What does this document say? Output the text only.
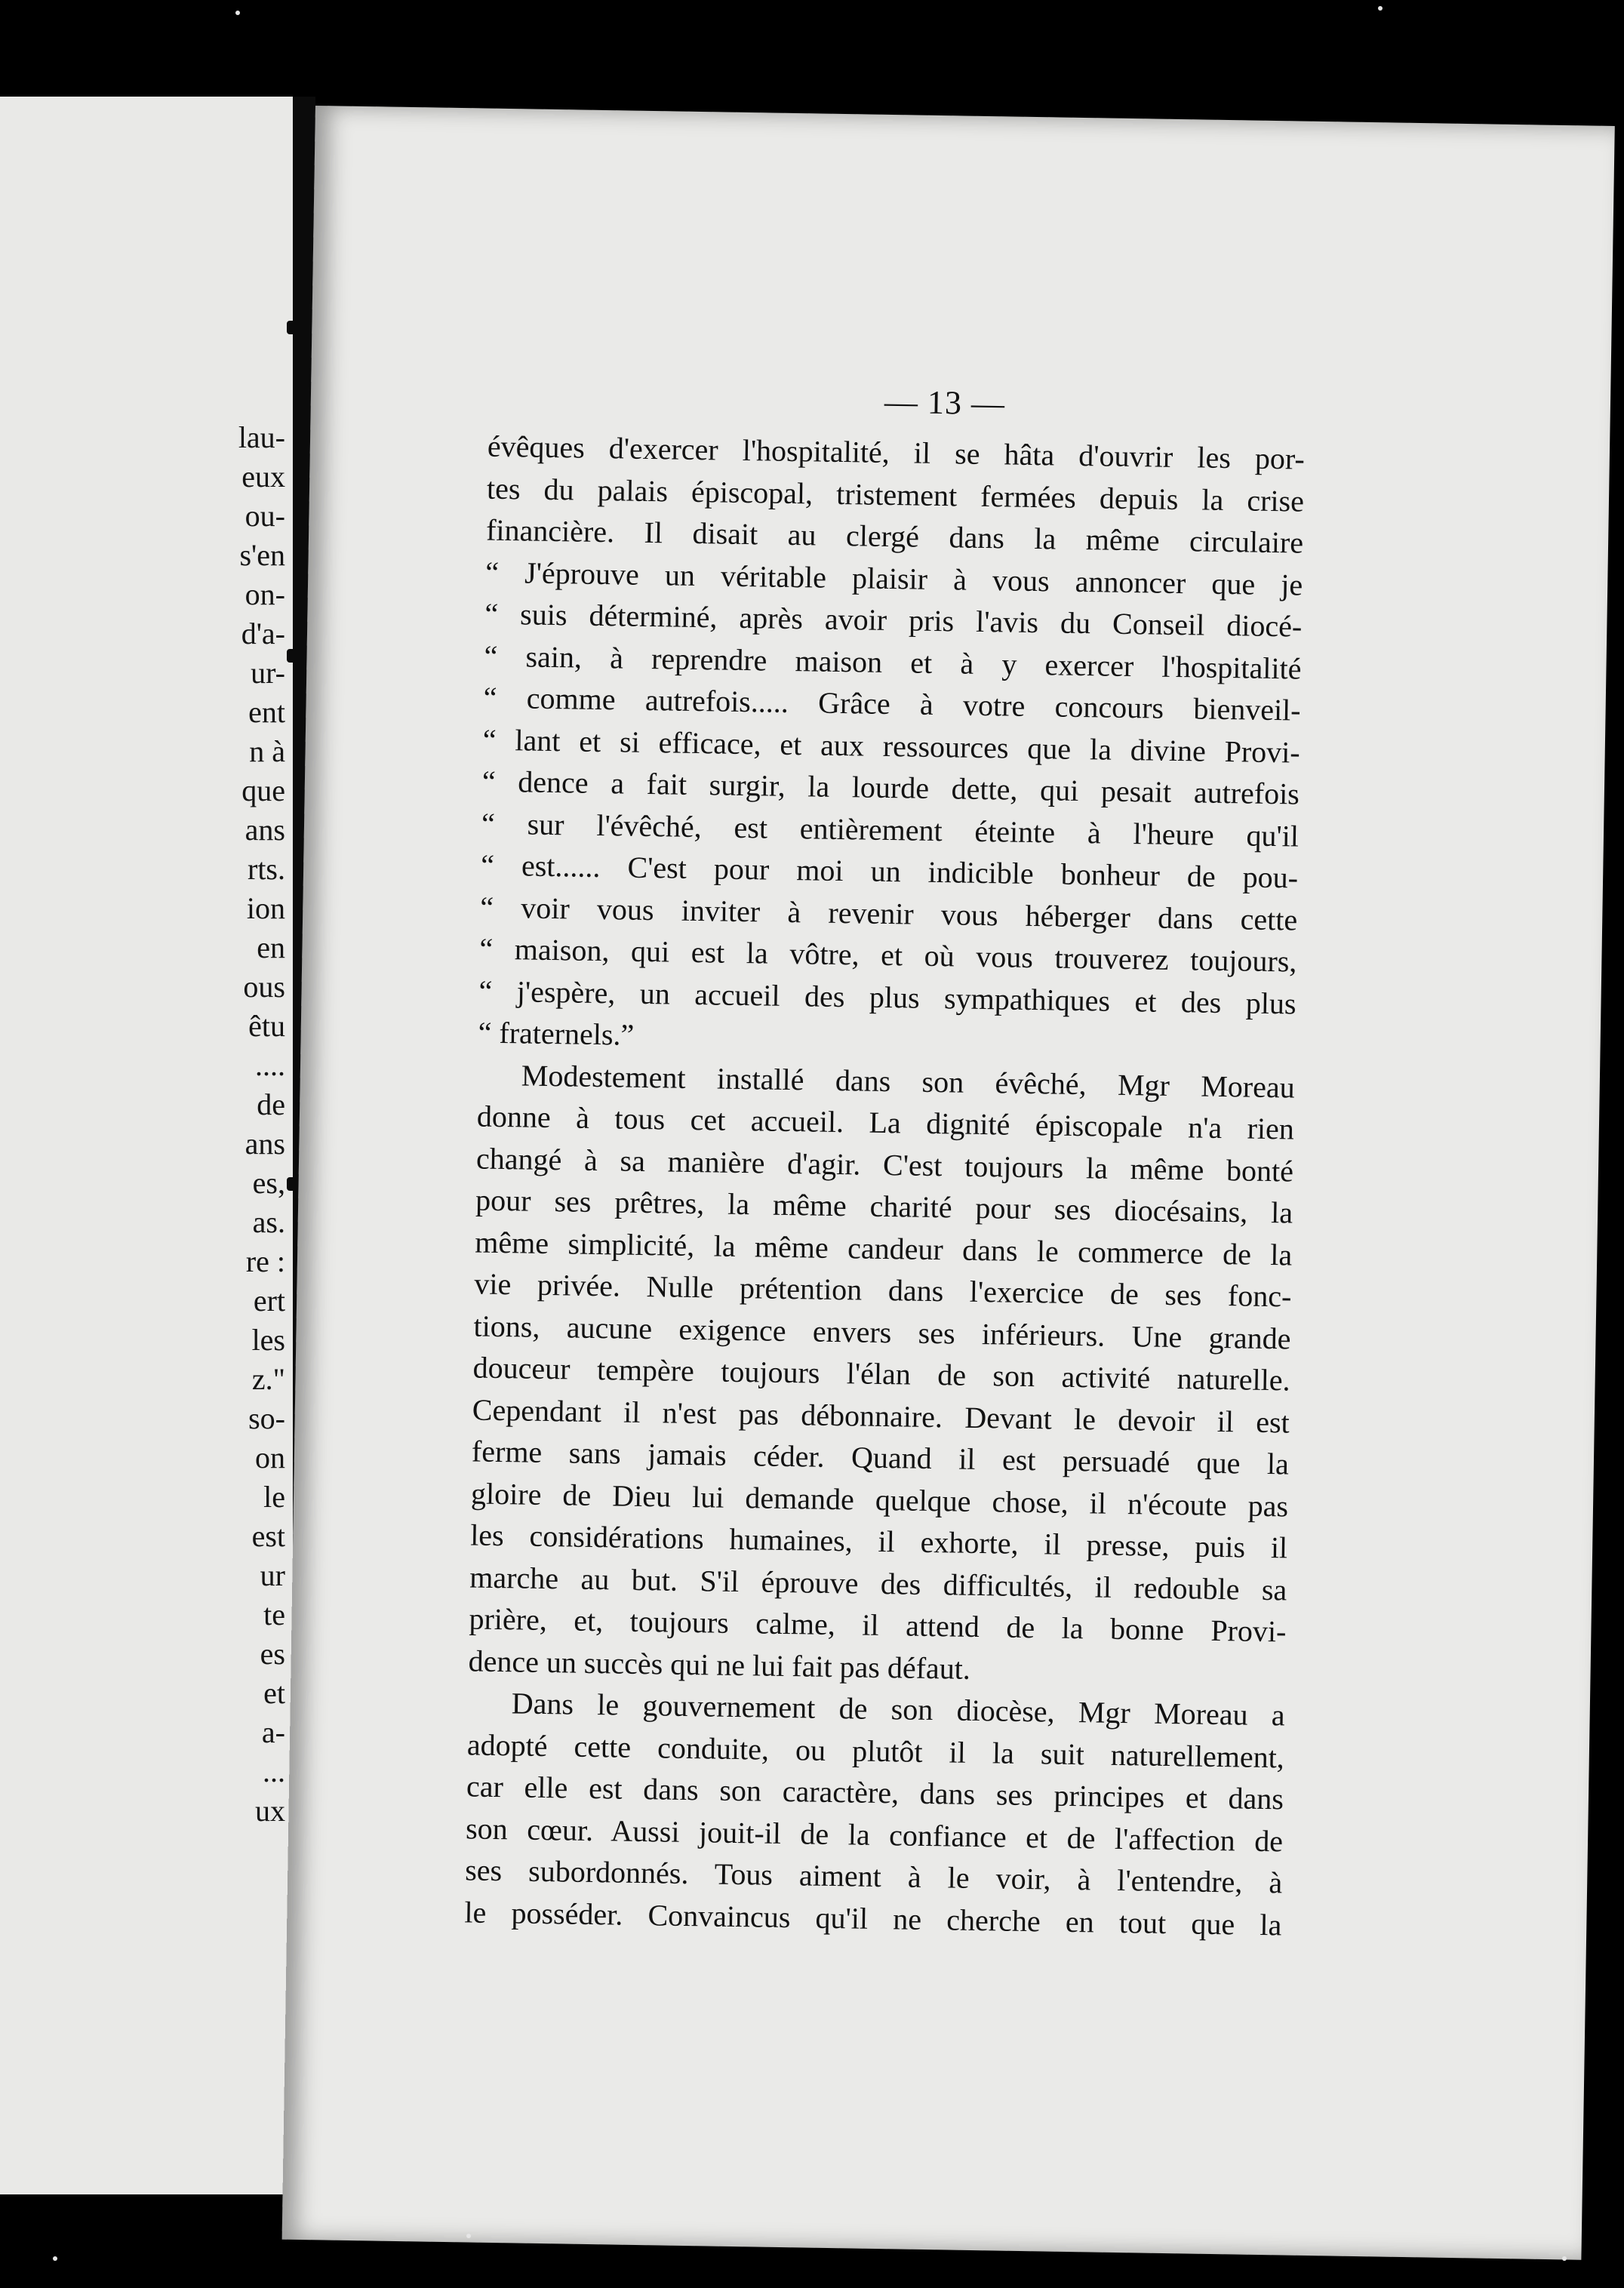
lau-
eux
ou-
s'en
on-
d'a-
ur-
ent
n à
que
ans
rts.
ion
en
ous
êtu
....
de
ans
es,
as.
re :
ert
les
z."
so-
on
le
est
ur
te
es
et
a-
...
ux
— 13 —
évêques d'exercer l'hospitalité, il se hâta d'ouvrir les por-
tes du palais épiscopal, tristement fermées depuis la crise
financière. Il disait au clergé dans la même circulaire
“ J'éprouve un véritable plaisir à vous annoncer que je
“ suis déterminé, après avoir pris l'avis du Conseil diocé-
“ sain, à reprendre maison et à y exercer l'hospitalité
“ comme autrefois..... Grâce à votre concours bienveil-
“ lant et si efficace, et aux ressources que la divine Provi-
“ dence a fait surgir, la lourde dette, qui pesait autrefois
“ sur l'évêché, est entièrement éteinte à l'heure qu'il
“ est...... C'est pour moi un indicible bonheur de pou-
“ voir vous inviter à revenir vous héberger dans cette
“ maison, qui est la vôtre, et où vous trouverez toujours,
“ j'espère, un accueil des plus sympathiques et des plus
“ fraternels.”
Modestement installé dans son évêché, Mgr Moreau
donne à tous cet accueil. La dignité épiscopale n'a rien
changé à sa manière d'agir. C'est toujours la même bonté
pour ses prêtres, la même charité pour ses diocésains, la
même simplicité, la même candeur dans le commerce de la
vie privée. Nulle prétention dans l'exercice de ses fonc-
tions, aucune exigence envers ses inférieurs. Une grande
douceur tempère toujours l'élan de son activité naturelle.
Cependant il n'est pas débonnaire. Devant le devoir il est
ferme sans jamais céder. Quand il est persuadé que la
gloire de Dieu lui demande quelque chose, il n'écoute pas
les considérations humaines, il exhorte, il presse, puis il
marche au but. S'il éprouve des difficultés, il redouble sa
prière, et, toujours calme, il attend de la bonne Provi-
dence un succès qui ne lui fait pas défaut.
Dans le gouvernement de son diocèse, Mgr Moreau a
adopté cette conduite, ou plutôt il la suit naturellement,
car elle est dans son caractère, dans ses principes et dans
son cœur. Aussi jouit-il de la confiance et de l'affection de
ses subordonnés. Tous aiment à le voir, à l'entendre, à
le posséder. Convaincus qu'il ne cherche en tout que la
